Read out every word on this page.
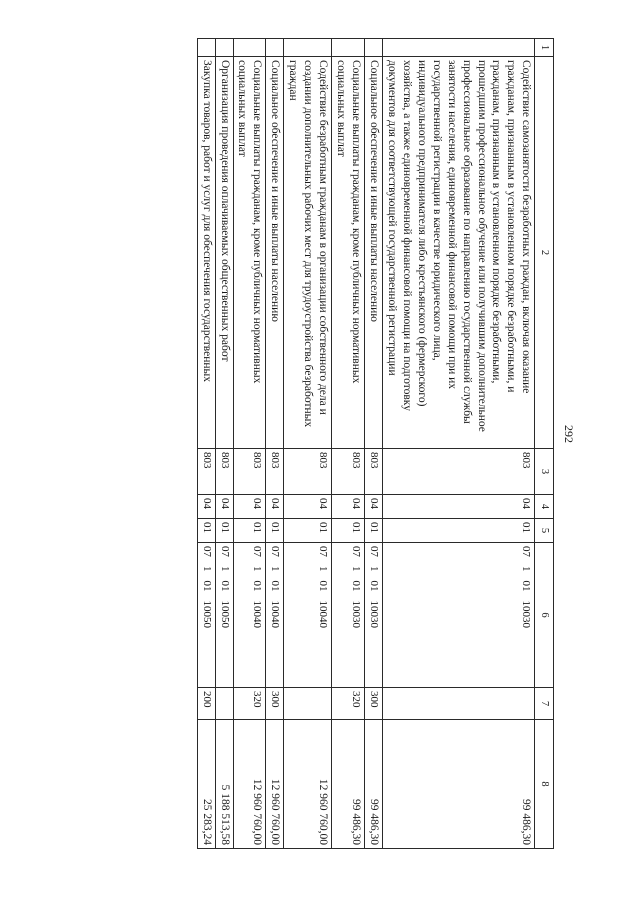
292
1	2	3	4	5	6	7	8
	Содействие самозанятости безработных граждан, включая оказание гражданам, признанным в установленном порядке безработными, и гражданам, признанным в установленном порядке безработными, прошедшим профессиональное обучение или получившим дополнительное профессиональное образование по направлению государственной службы занятости населения, единовременной финансовой помощи при их государственной регистрации в качестве юридического лица, индивидуального предпринимателя либо крестьянского (фермерского) хозяйства, а также единовременной финансовой помощи на подготовку документов для соответствующей государственной регистрации	803	04	01	0710110030		99 486,30
	Социальное обеспечение и иные выплаты населению	803	04	01	0710110030	300	99 486,30
	Социальные выплаты гражданам, кроме публичных нормативных социальных выплат	803	04	01	0710110030	320	99 486,30
	Содействие безработным гражданам в организации собственного дела и создании дополнительных рабочих мест для трудоустройства безработных граждан	803	04	01	0710110040		12 960 760,00
	Социальное обеспечение и иные выплаты населению	803	04	01	0710110040	300	12 960 760,00
	Социальные выплаты гражданам, кроме публичных нормативных социальных выплат	803	04	01	0710110040	320	12 960 760,00
	Организация проведения оплачиваемых общественных работ	803	04	01	0710110050		5 188 513,58
	Закупка товаров, работ и услуг для обеспечения государственных	803	04	01	0710110050	200	25 283,24
